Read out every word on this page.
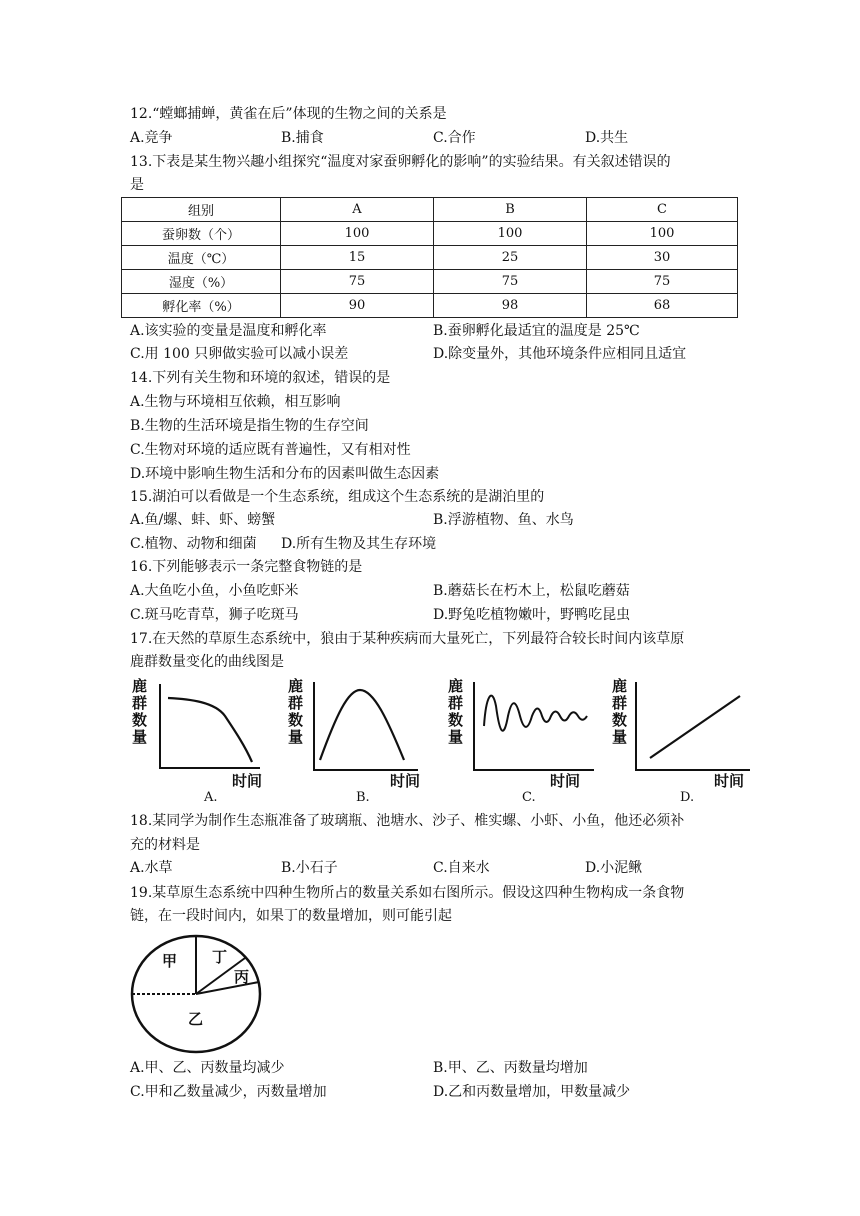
12.“螳螂捕蝉，黄雀在后”体现的生物之间的关系是
A.竞争	B.捕食	C.合作	D.共生
13.下表是某生物兴趣小组探究“温度对家蚕卵孵化的影响”的实验结果。有关叙述错误的
是
组别	A	B	C
蚕卵数（个）	100	100	100
温度（℃）	15	25	30
湿度（%）	75	75	75
孵化率（%）	90	98	68
A.该实验的变量是温度和孵化率	B.蚕卵孵化最适宜的温度是 25℃
C.用 100 只卵做实验可以减小误差	D.除变量外，其他环境条件应相同且适宜
14.下列有关生物和环境的叙述，错误的是
A.生物与环境相互依赖，相互影响
B.生物的生活环境是指生物的生存空间
C.生物对环境的适应既有普遍性，又有相对性
D.环境中影响生物生活和分布的因素叫做生态因素
15.湖泊可以看做是一个生态系统，组成这个生态系统的是湖泊里的
A.鱼/螺、蚌、虾、螃蟹	B.浮游植物、鱼、水鸟
C.植物、动物和细菌 D.所有生物及其生存环境
16.下列能够表示一条完整食物链的是
A.大鱼吃小鱼，小鱼吃虾米	B.蘑菇长在朽木上，松鼠吃蘑菇
C.斑马吃青草，狮子吃斑马	D.野兔吃植物嫩叶，野鸭吃昆虫
17.在天然的草原生态系统中，狼由于某种疾病而大量死亡，下列最符合较长时间内该草原
鹿群数量变化的曲线图是
鹿群数量
时间
鹿群数量
时间
鹿群数量
时间
鹿群数量
时间
A.	B.	C.	D.
18.某同学为制作生态瓶准备了玻璃瓶、池塘水、沙子、椎实螺、小虾、小鱼，他还必须补
充的材料是
A.水草	B.小石子	C.自来水	D.小泥鳅
19.某草原生态系统中四种生物所占的数量关系如右图所示。假设这四种生物构成一条食物
链，在一段时间内，如果丁的数量增加，则可能引起
甲 丁
丙
乙
A.甲、乙、丙数量均减少	B.甲、乙、丙数量均增加
C.甲和乙数量减少，丙数量增加	D.乙和丙数量增加，甲数量减少
